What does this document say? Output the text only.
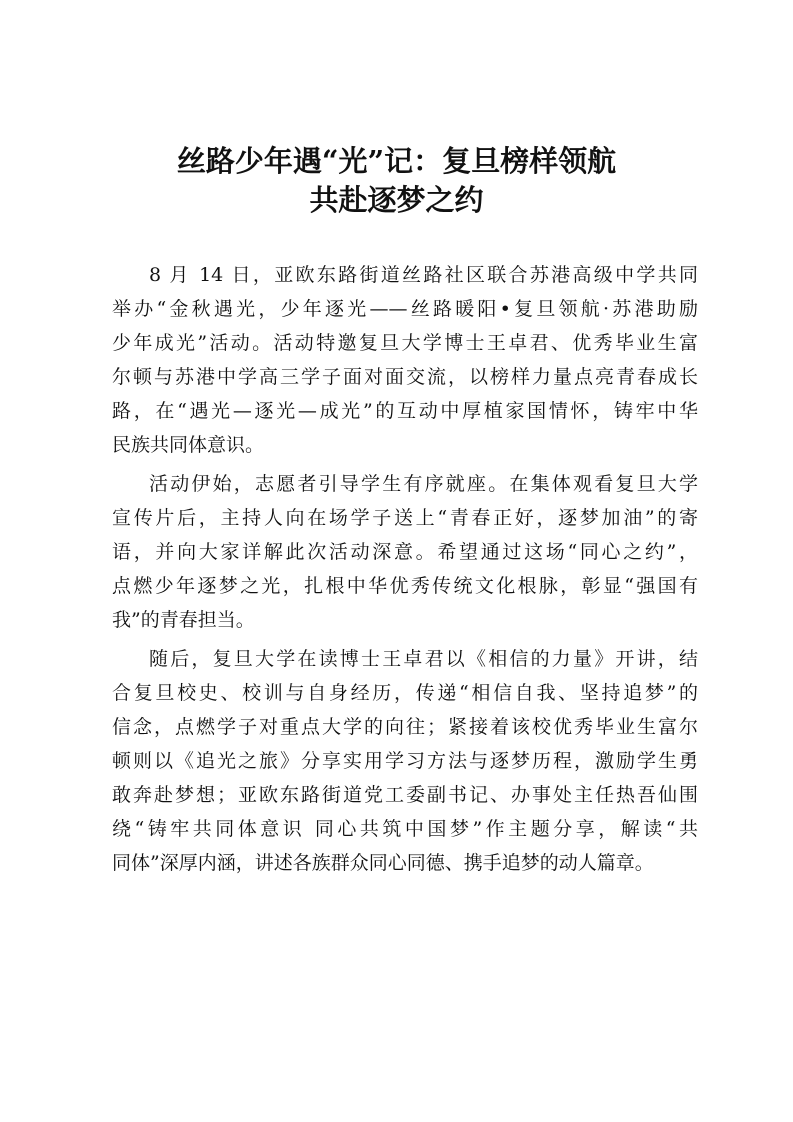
丝路少年遇“光”记：复旦榜样领航
共赴逐梦之约
8 月 14 日，亚欧东路街道丝路社区联合苏港高级中学共同
举办“金秋遇光，少年逐光——丝路暖阳•复旦领航·苏港助励
少年成光”活动。活动特邀复旦大学博士王卓君、优秀毕业生富
尔顿与苏港中学高三学子面对面交流，以榜样力量点亮青春成长
路，在“遇光—逐光—成光”的互动中厚植家国情怀，铸牢中华
民族共同体意识。
活动伊始，志愿者引导学生有序就座。在集体观看复旦大学
宣传片后，主持人向在场学子送上“青春正好，逐梦加油”的寄
语，并向大家详解此次活动深意。希望通过这场“同心之约”，
点燃少年逐梦之光，扎根中华优秀传统文化根脉，彰显“强国有
我”的青春担当。
随后，复旦大学在读博士王卓君以《相信的力量》开讲，结
合复旦校史、校训与自身经历，传递“相信自我、坚持追梦”的
信念，点燃学子对重点大学的向往；紧接着该校优秀毕业生富尔
顿则以《追光之旅》分享实用学习方法与逐梦历程，激励学生勇
敢奔赴梦想；亚欧东路街道党工委副书记、办事处主任热吾仙围
绕“铸牢共同体意识 同心共筑中国梦”作主题分享，解读“共
同体”深厚内涵，讲述各族群众同心同德、携手追梦的动人篇章。
